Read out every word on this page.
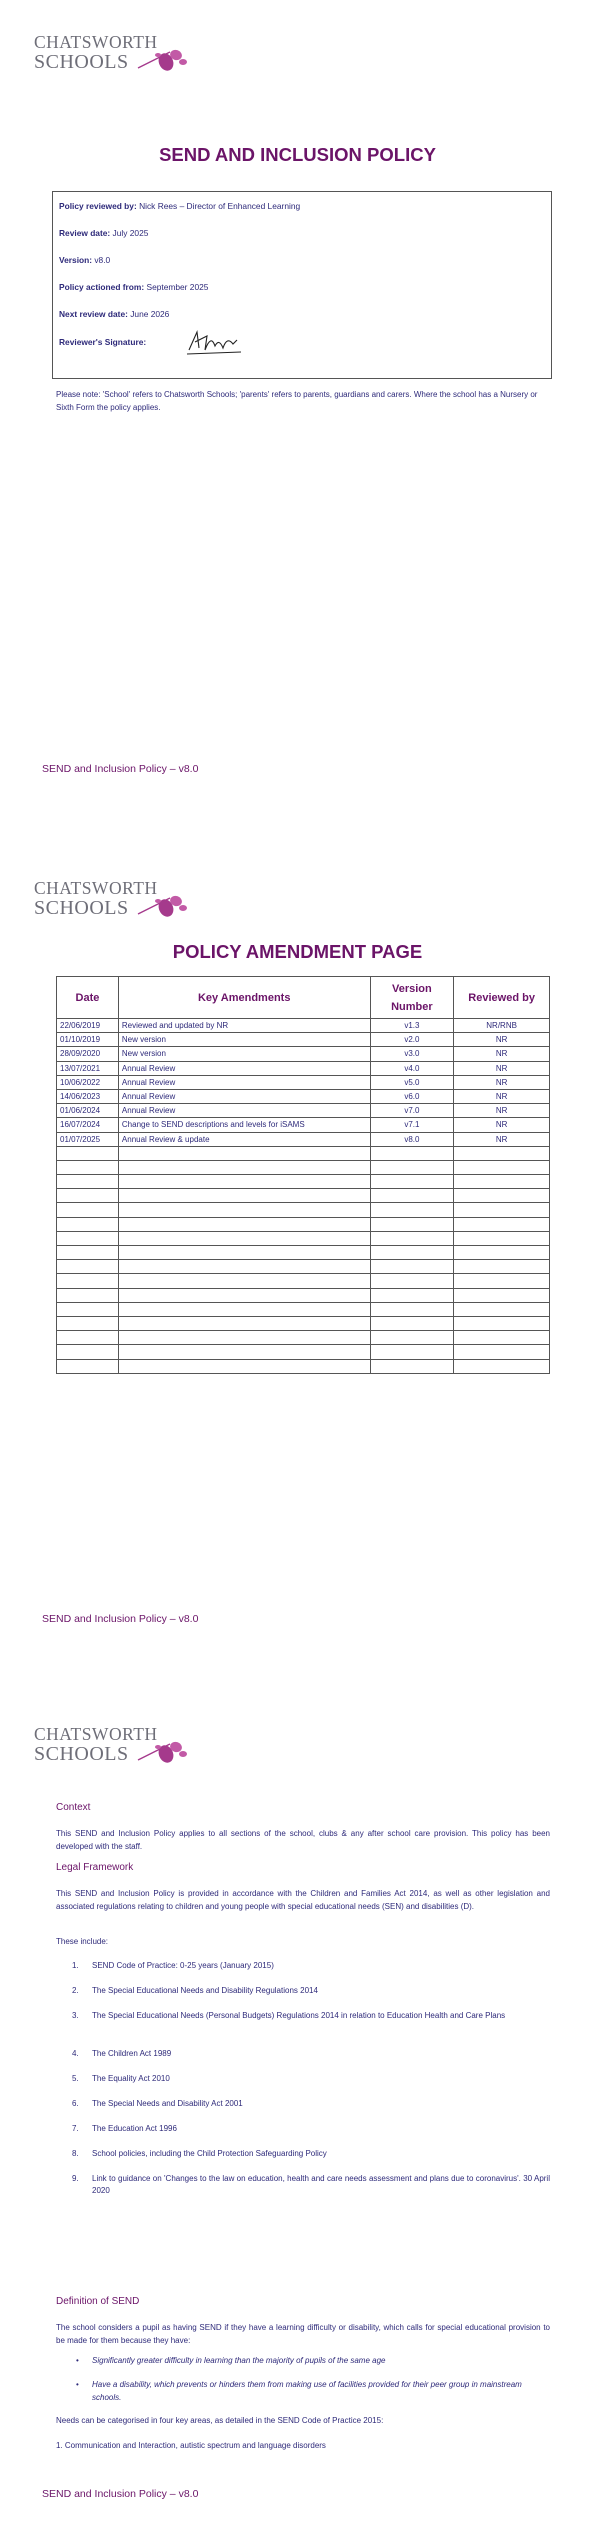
CHATSWORTH
SCHOOLS
SEND AND INCLUSION POLICY
Policy reviewed by: Nick Rees – Director of Enhanced Learning
Review date: July 2025
Version: v8.0
Policy actioned from: September 2025
Next review date: June 2026
Reviewer's Signature:
Please note: 'School' refers to Chatsworth Schools; 'parents' refers to parents, guardians and carers. Where the school has a Nursery or Sixth Form the policy applies.
SEND and Inclusion Policy – v8.0
CHATSWORTH
SCHOOLS
POLICY AMENDMENT PAGE
Date	Key Amendments	Version Number	Reviewed by
22/06/2019	Reviewed and updated by NR	v1.3	NR/RNB
01/10/2019	New version	v2.0	NR
28/09/2020	New version	v3.0	NR
13/07/2021	Annual Review	v4.0	NR
10/06/2022	Annual Review	v5.0	NR
14/06/2023	Annual Review	v6.0	NR
01/06/2024	Annual Review	v7.0	NR
16/07/2024	Change to SEND descriptions and levels for iSAMS	v7.1	NR
01/07/2025	Annual Review & update	v8.0	NR

SEND and Inclusion Policy – v8.0
CHATSWORTH
SCHOOLS
Context
This SEND and Inclusion Policy applies to all sections of the school, clubs & any after school care provision. This policy has been developed with the staff.
Legal Framework
This SEND and Inclusion Policy is provided in accordance with the Children and Families Act 2014, as well as other legislation and associated regulations relating to children and young people with special educational needs (SEN) and disabilities (D).
These include:
1. SEND Code of Practice: 0-25 years (January 2015)
2. The Special Educational Needs and Disability Regulations 2014
3. The Special Educational Needs (Personal Budgets) Regulations 2014 in relation to Education Health and Care Plans
4. The Children Act 1989
5. The Equality Act 2010
6. The Special Needs and Disability Act 2001
7. The Education Act 1996
8. School policies, including the Child Protection Safeguarding Policy
9. Link to guidance on 'Changes to the law on education, health and care needs assessment and plans due to coronavirus'. 30 April 2020
Definition of SEND
The school considers a pupil as having SEND if they have a learning difficulty or disability, which calls for special educational provision to be made for them because they have:
• Significantly greater difficulty in learning than the majority of pupils of the same age
• Have a disability, which prevents or hinders them from making use of facilities provided for their peer group in mainstream schools.
Needs can be categorised in four key areas, as detailed in the SEND Code of Practice 2015:
1. Communication and Interaction, autistic spectrum and language disorders
SEND and Inclusion Policy – v8.0
